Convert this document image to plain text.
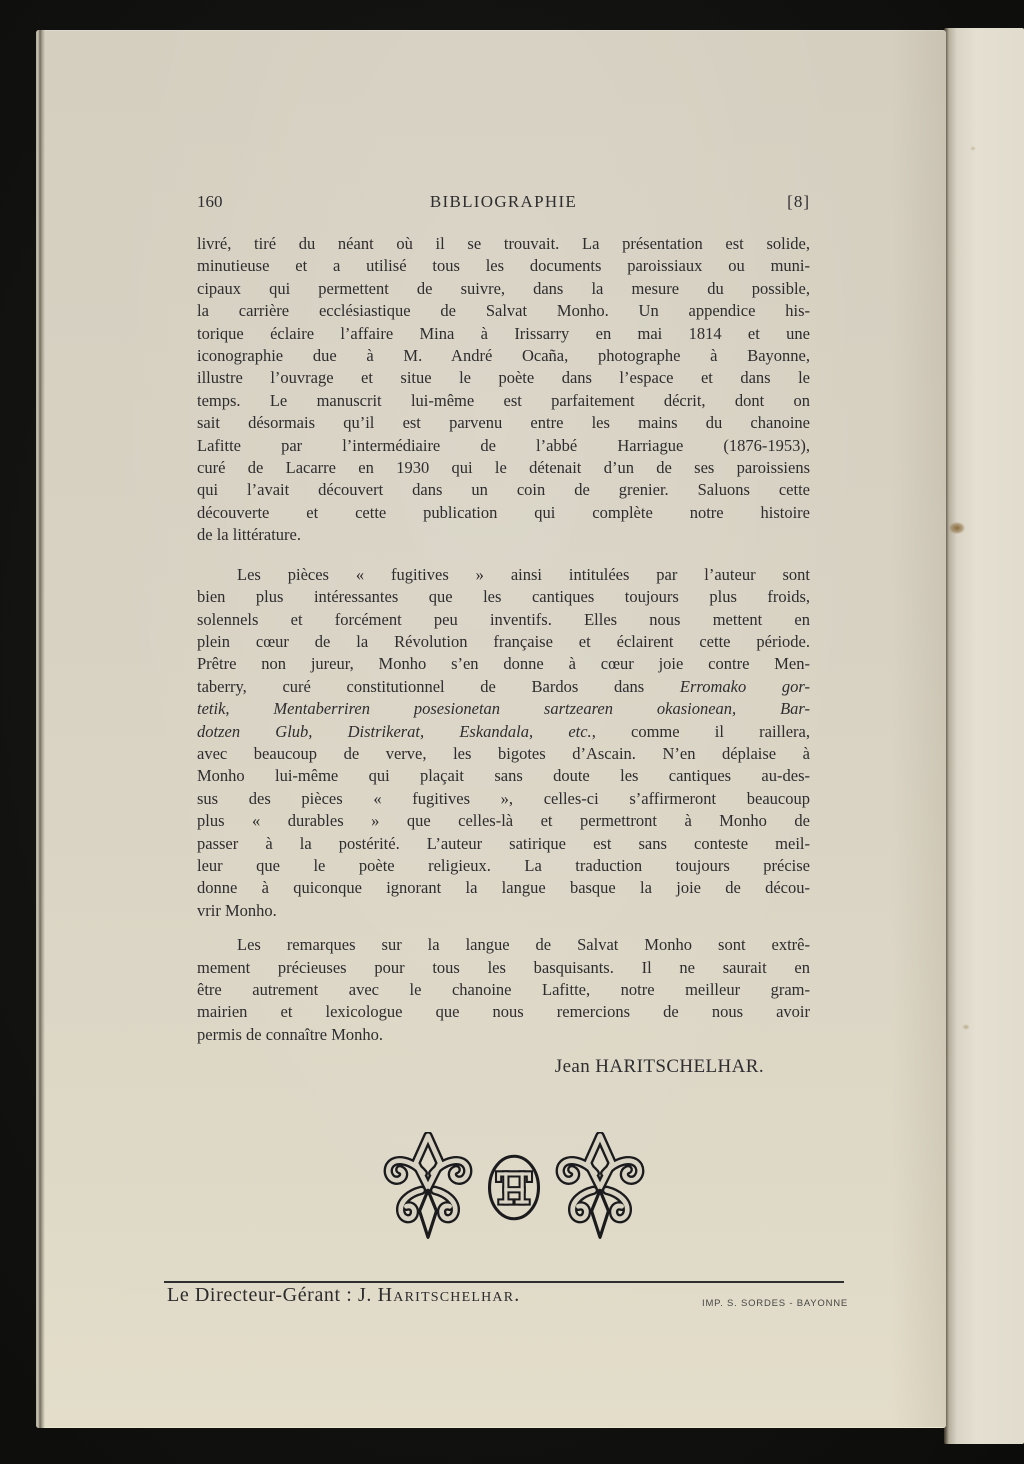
160	BIBLIOGRAPHIE	[8]
livré, tiré du néant où il se trouvait. La présentation est solide,
minutieuse et a utilisé tous les documents paroissiaux ou muni-
cipaux qui permettent de suivre, dans la mesure du possible,
la carrière ecclésiastique de Salvat Monho. Un appendice his-
torique éclaire l’affaire Mina à Irissarry en mai 1814 et une
iconographie due à M. André Ocaña, photographe à Bayonne,
illustre l’ouvrage et situe le poète dans l’espace et dans le
temps. Le manuscrit lui-même est parfaitement décrit, dont on
sait désormais qu’il est parvenu entre les mains du chanoine
Lafitte par l’intermédiaire de l’abbé Harriague (1876-1953),
curé de Lacarre en 1930 qui le détenait d’un de ses paroissiens
qui l’avait découvert dans un coin de grenier. Saluons cette
découverte et cette publication qui complète notre histoire
de la littérature.
Les pièces « fugitives » ainsi intitulées par l’auteur sont
bien plus intéressantes que les cantiques toujours plus froids,
solennels et forcément peu inventifs. Elles nous mettent en
plein cœur de la Révolution française et éclairent cette période.
Prêtre non jureur, Monho s’en donne à cœur joie contre Men-
taberry, curé constitutionnel de Bardos dans Erromako gor-
tetik, Mentaberriren posesionetan sartzearen okasionean, Bar-
dotzen Glub, Distrikerat, Eskandala, etc., comme il raillera,
avec beaucoup de verve, les bigotes d’Ascain. N’en déplaise à
Monho lui-même qui plaçait sans doute les cantiques au-des-
sus des pièces « fugitives », celles-ci s’affirmeront beaucoup
plus « durables » que celles-là et permettront à Monho de
passer à la postérité. L’auteur satirique est sans conteste meil-
leur que le poète religieux. La traduction toujours précise
donne à quiconque ignorant la langue basque la joie de décou-
vrir Monho.
Les remarques sur la langue de Salvat Monho sont extrê-
mement précieuses pour tous les basquisants. Il ne saurait en
être autrement avec le chanoine Lafitte, notre meilleur gram-
mairien et lexicologue que nous remercions de nous avoir
permis de connaître Monho.
Jean HARITSCHELHAR.
Le Directeur-Gérant : J. Haritschelhar.	IMP. S. SORDES - BAYONNE
